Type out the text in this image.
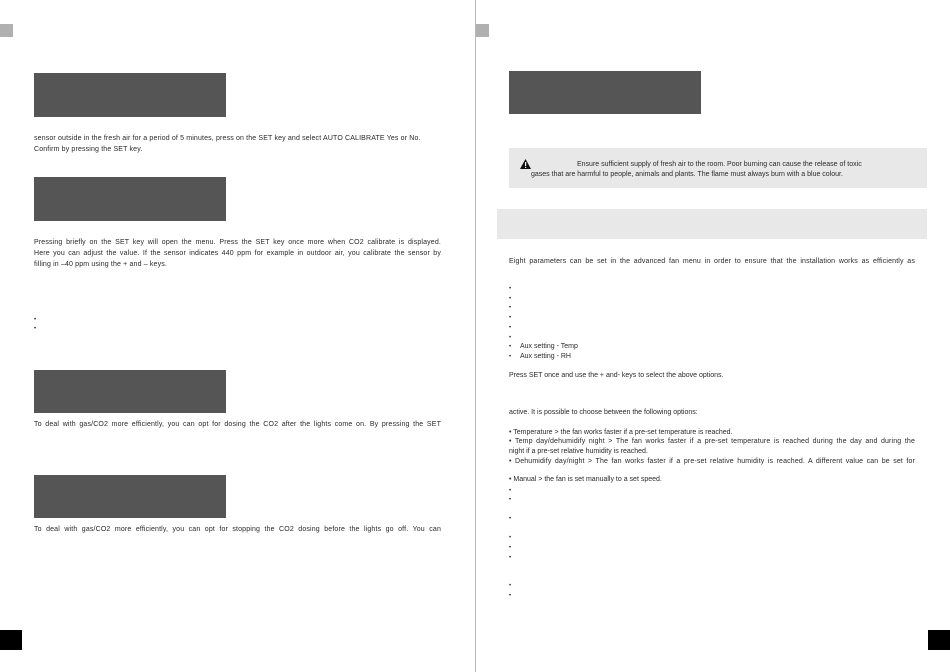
sensor outside in the fresh air for a period of 5 minutes, press on the SET key and select AUTO CALIBRATE Yes or No.
Confirm by pressing the SET key.
Pressing briefly on the SET key will open the menu. Press the SET key once more when CO2 calibrate is displayed.
Here you can adjust the value. If the sensor indicates 440 ppm for example in outdoor air, you calibrate the sensor by
filling in –40 ppm using the + and – keys.
•
•
To deal with gas/CO2 more efficiently, you can opt for dosing the CO2 after the lights come on. By pressing the SET
To deal with gas/CO2 more efficiently, you can opt for stopping the CO2 dosing before the lights go off. You can
Ensure sufficient supply of fresh air to the room. Poor burning can cause the release of toxic
gases that are harmful to people, animals and plants. The flame must always burn with a blue colour.
Eight parameters can be set in the advanced fan menu in order to ensure that the installation works as efficiently as
•
•
•
•
•
•
• Aux setting - Temp
• Aux setting - RH
Press SET once and use the + and- keys to select the above options.
active. It is possible to choose between the following options:
• Temperature > the fan works faster if a pre-set temperature is reached.
• Temp day/dehumidify night > The fan works faster if a pre-set temperature is reached during the day and during the
night if a pre-set relative humidity is reached.
• Dehumidify day/night > The fan works faster if a pre-set relative humidity is reached. A different value can be set for
• Manual > the fan is set manually to a set speed.
•
•
•
•
•
•
•
•
